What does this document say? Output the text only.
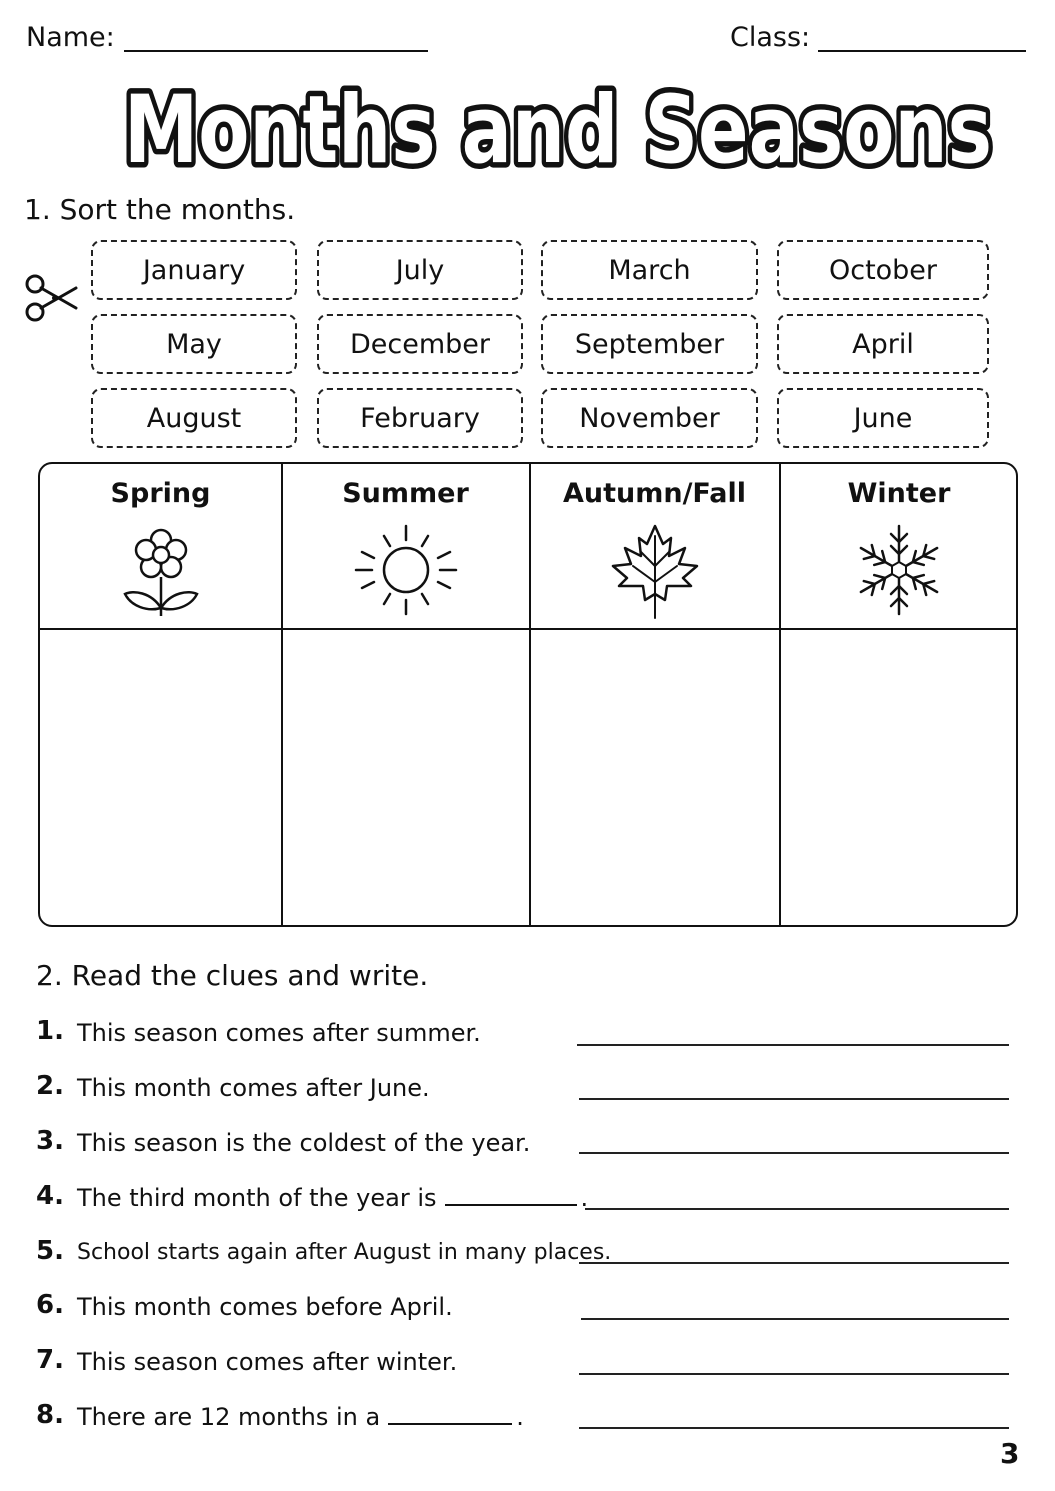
Name:	Class:
Months and Seasons
1. Sort the months.
January	July	March	October
May	December	September	April
August	February	November	June
Spring	Summer	Autumn/Fall	Winter
2. Read the clues and write.
1. This season comes after summer.
2. This month comes after June.
3. This season is the coldest of the year.
4. The third month of the year is	.
5. School starts again after August in many places.
6. This month comes before April.
7. This season comes after winter.
8. There are 12 months in a	.
3
